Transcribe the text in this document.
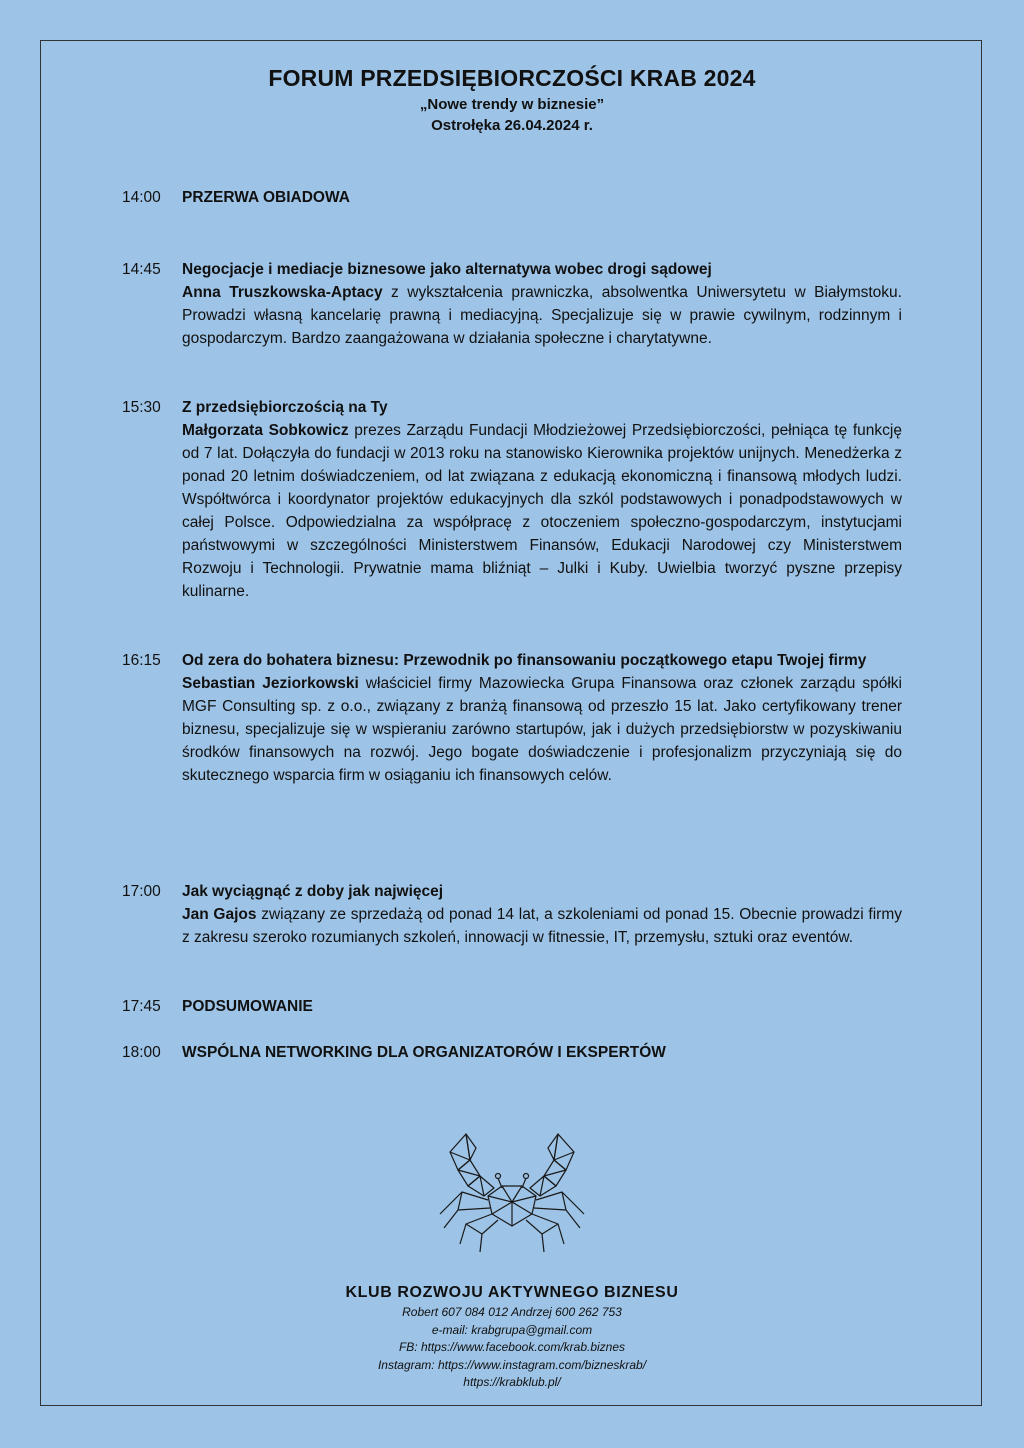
FORUM PRZEDSIĘBIORCZOŚCI KRAB 2024
„Nowe trendy w biznesie”
Ostrołęka 26.04.2024 r.
14:00	PRZERWA OBIADOWA
14:45	Negocjacje i mediacje biznesowe jako alternatywa wobec drogi sądowej
Anna Truszkowska-Aptacy z wykształcenia prawniczka, absolwentka Uniwersytetu w Białymstoku. Prowadzi własną kancelarię prawną i mediacyjną. Specjalizuje się w prawie cywilnym, rodzinnym i gospodarczym. Bardzo zaangażowana w działania społeczne i charytatywne.
15:30	Z przedsiębiorczością na Ty
Małgorzata Sobkowicz prezes Zarządu Fundacji Młodzieżowej Przedsiębiorczości, pełniąca tę funkcję od 7 lat. Dołączyła do fundacji w 2013 roku na stanowisko Kierownika projektów unijnych. Menedżerka z ponad 20 letnim doświadczeniem, od lat związana z edukacją ekonomiczną i finansową młodych ludzi. Współtwórca i koordynator projektów edukacyjnych dla szkól podstawowych i ponadpodstawowych w całej Polsce. Odpowiedzialna za współpracę z otoczeniem społeczno-gospodarczym, instytucjami państwowymi w szczególności Ministerstwem Finansów, Edukacji Narodowej czy Ministerstwem Rozwoju i Technologii. Prywatnie mama bliźniąt – Julki i Kuby. Uwielbia tworzyć pyszne przepisy kulinarne.
16:15	Od zera do bohatera biznesu: Przewodnik po finansowaniu początkowego etapu Twojej firmy
Sebastian Jeziorkowski właściciel firmy Mazowiecka Grupa Finansowa oraz członek zarządu spółki MGF Consulting sp. z o.o., związany z branżą finansową od przeszło 15 lat. Jako certyfikowany trener biznesu, specjalizuje się w wspieraniu zarówno startupów, jak i dużych przedsiębiorstw w pozyskiwaniu środków finansowych na rozwój. Jego bogate doświadczenie i profesjonalizm przyczyniają się do skutecznego wsparcia firm w osiąganiu ich finansowych celów.
17:00	Jak wyciągnąć z doby jak najwięcej
Jan Gajos związany ze sprzedażą od ponad 14 lat, a szkoleniami od ponad 15. Obecnie prowadzi firmy z zakresu szeroko rozumianych szkoleń, innowacji w fitnessie, IT, przemysłu, sztuki oraz eventów.
17:45	PODSUMOWANIE
18:00	WSPÓLNA NETWORKING DLA ORGANIZATORÓW I EKSPERTÓW
KLUB ROZWOJU AKTYWNEGO BIZNESU
Robert 607 084 012 Andrzej 600 262 753
e-mail: krabgrupa@gmail.com
FB: https://www.facebook.com/krab.biznes
Instagram: https://www.instagram.com/bizneskrab/
https://krabklub.pl/
